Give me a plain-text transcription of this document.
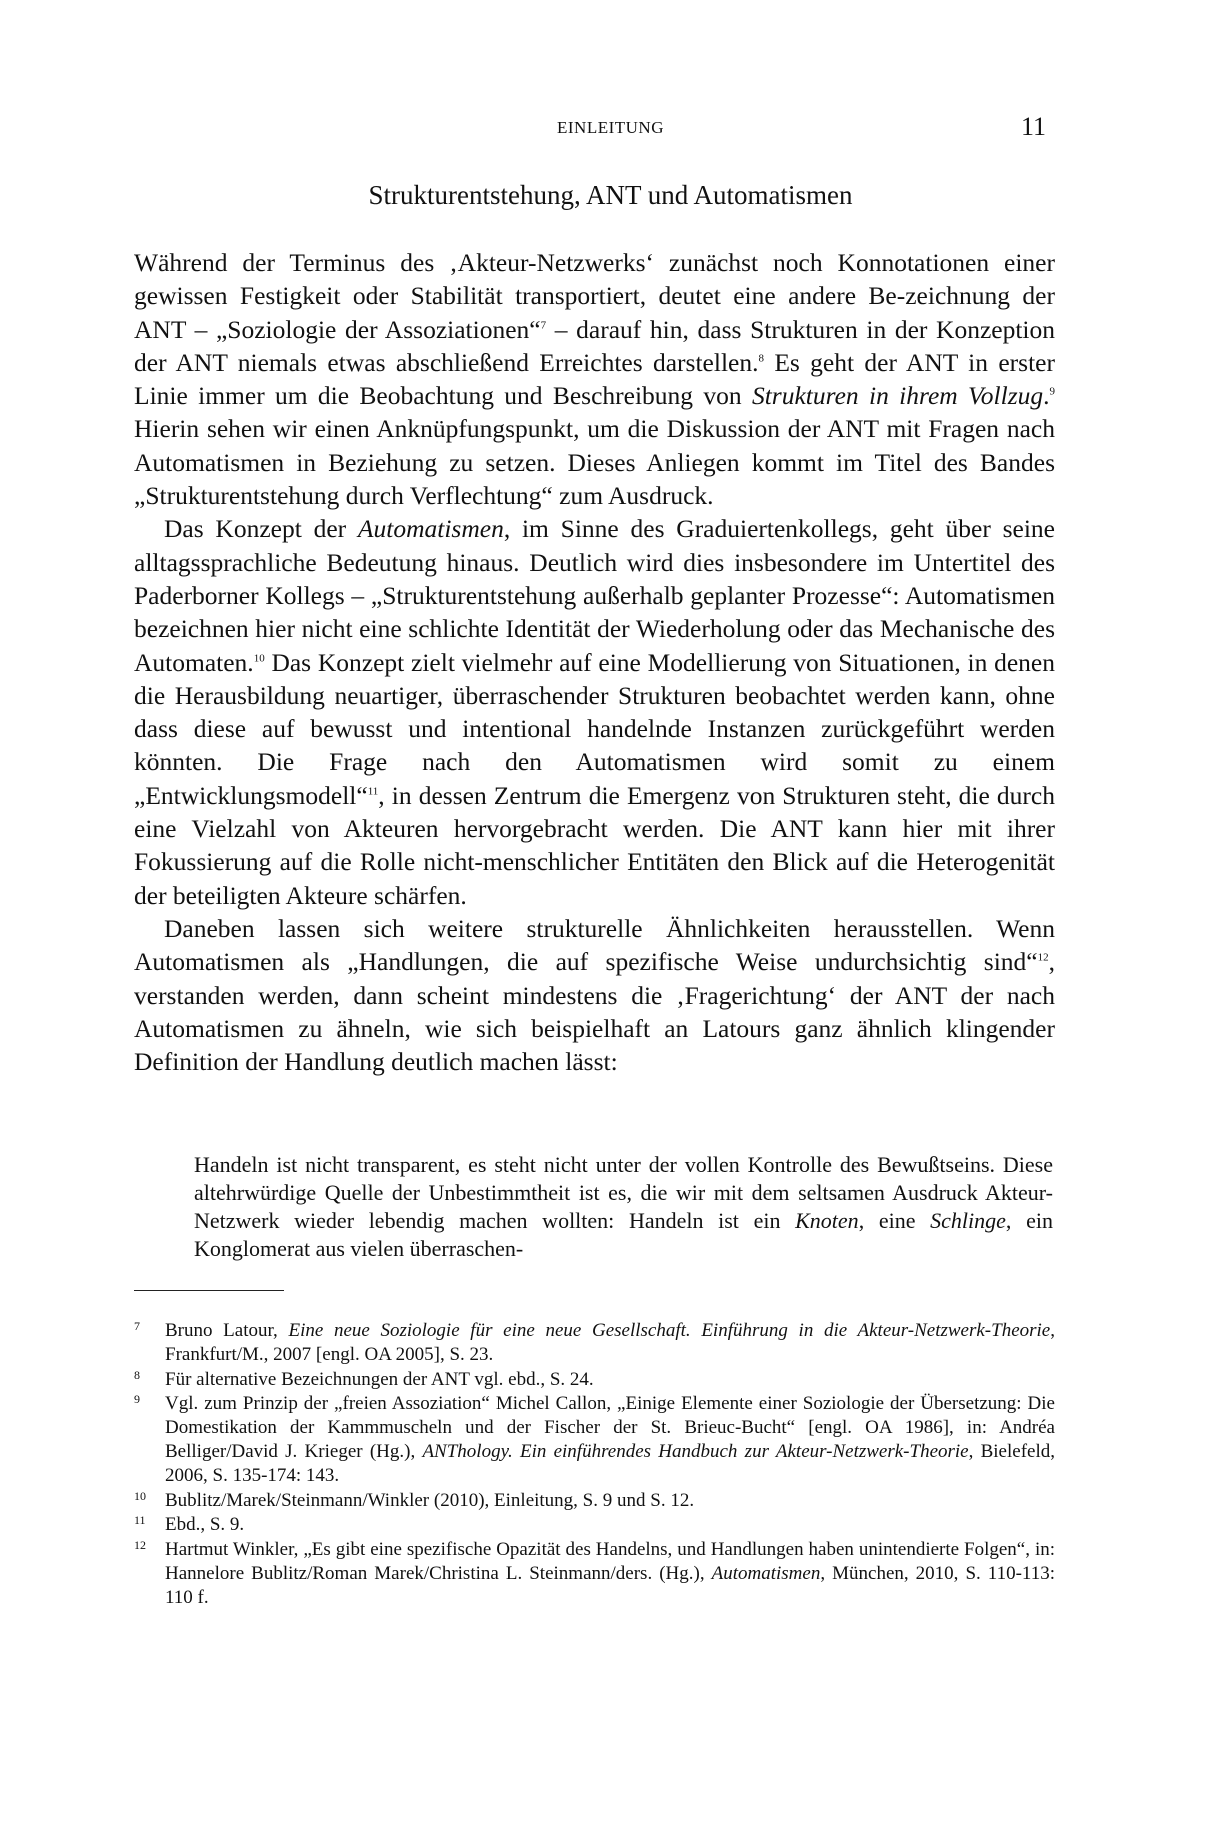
EINLEITUNG	11
Strukturentstehung, ANT und Automatismen

Während der Terminus des ‚Akteur-Netzwerks‘ zunächst noch Konnotationen einer gewissen Festigkeit oder Stabilität transportiert, deutet eine andere Be-zeichnung der ANT – „Soziologie der Assoziationen“$^7$ – darauf hin, dass Strukturen in der Konzeption der ANT niemals etwas abschließend Erreichtes darstellen.$^8$ Es geht der ANT in erster Linie immer um die Beobachtung und Beschreibung von Strukturen in ihrem Vollzug.$^9$ Hierin sehen wir einen Anknüpfungspunkt, um die Diskussion der ANT mit Fragen nach Automatismen in Beziehung zu setzen. Dieses Anliegen kommt im Titel des Bandes „Strukturentstehung durch Verflechtung“ zum Ausdruck.

Das Konzept der Automatismen, im Sinne des Graduiertenkollegs, geht über seine alltagssprachliche Bedeutung hinaus. Deutlich wird dies insbesondere im Untertitel des Paderborner Kollegs – „Strukturentstehung außerhalb geplanter Prozesse“: Automatismen bezeichnen hier nicht eine schlichte Identität der Wiederholung oder das Mechanische des Automaten.$^{10}$ Das Konzept zielt vielmehr auf eine Modellierung von Situationen, in denen die Herausbildung neuartiger, überraschender Strukturen beobachtet werden kann, ohne dass diese auf bewusst und intentional handelnde Instanzen zurückgeführt werden könnten. Die Frage nach den Automatismen wird somit zu einem „Entwicklungsmodell“$^{11}$, in dessen Zentrum die Emergenz von Strukturen steht, die durch eine Vielzahl von Akteuren hervorgebracht werden. Die ANT kann hier mit ihrer Fokussierung auf die Rolle nicht-menschlicher Entitäten den Blick auf die Heterogenität der beteiligten Akteure schärfen.

Daneben lassen sich weitere strukturelle Ähnlichkeiten herausstellen. Wenn Automatismen als „Handlungen, die auf spezifische Weise undurchsichtig sind“$^{12}$, verstanden werden, dann scheint mindestens die ‚Fragerichtung‘ der ANT der nach Automatismen zu ähneln, wie sich beispielhaft an Latours ganz ähnlich klingender Definition der Handlung deutlich machen lässt:

Handeln ist nicht transparent, es steht nicht unter der vollen Kontrolle des Bewußtseins. Diese altehrwürdige Quelle der Unbestimmtheit ist es, die wir mit dem seltsamen Ausdruck Akteur-Netzwerk wieder lebendig machen wollten: Handeln ist ein Knoten, eine Schlinge, ein Konglomerat aus vielen überraschen-

7	Bruno Latour, Eine neue Soziologie für eine neue Gesellschaft. Einführung in die Akteur-Netzwerk-Theorie, Frankfurt/M., 2007 [engl. OA 2005], S. 23.
8	Für alternative Bezeichnungen der ANT vgl. ebd., S. 24.
9	Vgl. zum Prinzip der „freien Assoziation“ Michel Callon, „Einige Elemente einer Soziologie der Übersetzung: Die Domestikation der Kammmuscheln und der Fischer der St. Brieuc-Bucht“ [engl. OA 1986], in: Andréa Belliger/David J. Krieger (Hg.), ANThology. Ein einführendes Handbuch zur Akteur-Netzwerk-Theorie, Bielefeld, 2006, S. 135-174: 143.
10	Bublitz/Marek/Steinmann/Winkler (2010), Einleitung, S. 9 und S. 12.
11	Ebd., S. 9.
12	Hartmut Winkler, „Es gibt eine spezifische Opazität des Handelns, und Handlungen haben unintendierte Folgen“, in: Hannelore Bublitz/Roman Marek/Christina L. Steinmann/ders. (Hg.), Automatismen, München, 2010, S. 110-113: 110 f.
